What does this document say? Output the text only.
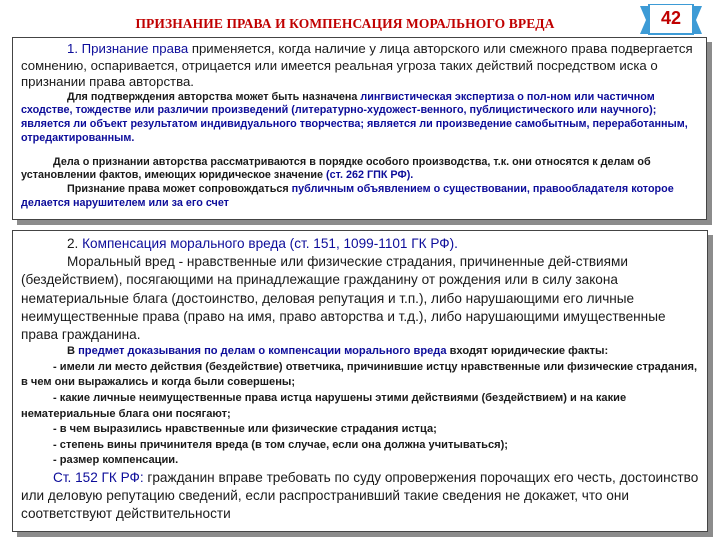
ПРИЗНАНИЕ ПРАВА И КОМПЕНСАЦИЯ МОРАЛЬНОГО ВРЕДА	42

1. Признание права применяется, когда наличие у лица авторского или смежного права подвергается сомнению, оспаривается, отрицается или имеется реальная угроза таких действий посредством иска о признании права авторства.

Для подтверждения авторства может быть назначена лингвистическая экспертиза о пол-ном или частичном сходстве, тождестве или различии произведений (литературно-художест-венного, публицистического или научного); является ли объект результатом индивидуального творчества; является ли произведение самобытным, переработанным, отредактированным.

Дела о признании авторства рассматриваются в порядке особого производства, т.к. они относятся к делам об установлении фактов, имеющих юридическое значение (ст. 262 ГПК РФ).

Признание права может сопровождаться публичным объявлением о существовании, правообладателя которое делается нарушителем или за его счет

2. Компенсация морального вреда (ст. 151, 1099-1101 ГК РФ).

Моральный вред - нравственные или физические страдания, причиненные дей-ствиями (бездействием), посягающими на принадлежащие гражданину от рождения или в силу закона нематериальные блага (достоинство, деловая репутация и т.п.), либо нарушающими его личные неимущественные права (право на имя, право авторства и т.д.), либо нарушающими имущественные права гражданина.

В предмет доказывания по делам о компенсации морального вреда входят юридические факты:

- имели ли место действия (бездействие) ответчика, причинившие истцу нравственные или физические страдания, в чем они выражались и когда были совершены;

- какие личные неимущественные права истца нарушены этими действиями (бездействием) и на какие нематериальные блага они посягают;

- в чем выразились нравственные или физические страдания истца;

- степень вины причинителя вреда (в том случае, если она должна учитываться);

- размер компенсации.

Ст. 152 ГК РФ: гражданин вправе требовать по суду опровержения порочащих его честь, достоинство или деловую репутацию сведений, если распространивший такие сведения не докажет, что они соответствуют действительности
